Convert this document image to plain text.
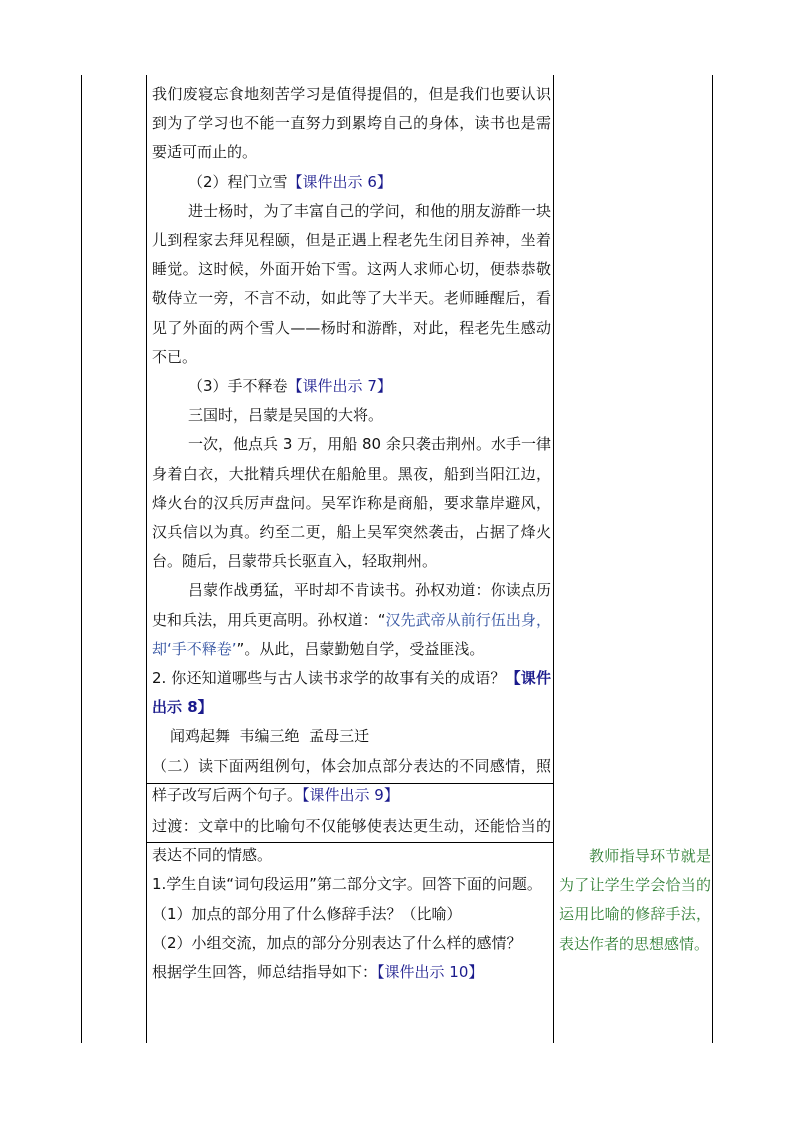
我们废寝忘食地刻苦学习是值得提倡的，但是我们也要认识到为了学习也不能一直努力到累垮自己的身体，读书也是需要适可而止的。

（2）程门立雪【课件出示 6】

进士杨时，为了丰富自己的学问，和他的朋友游酢一块儿到程家去拜见程颐，但是正遇上程老先生闭目养神，坐着睡觉。这时候，外面开始下雪。这两人求师心切，便恭恭敬敬侍立一旁，不言不动，如此等了大半天。老师睡醒后，看见了外面的两个雪人——杨时和游酢，对此，程老先生感动不已。

（3）手不释卷【课件出示 7】

三国时，吕蒙是吴国的大将。

一次，他点兵 3 万，用船 80 余只袭击荆州。水手一律身着白衣，大批精兵埋伏在船舱里。黑夜，船到当阳江边，烽火台的汉兵厉声盘问。吴军诈称是商船，要求靠岸避风，汉兵信以为真。约至二更，船上吴军突然袭击，占据了烽火台。随后，吕蒙带兵长驱直入，轻取荆州。

吕蒙作战勇猛，平时却不肯读书。孙权劝道：你读点历史和兵法，用兵更高明。孙权道：“汉先武帝从前行伍出身，却‘手不释卷’”。从此，吕蒙勤勉自学，受益匪浅。

2. 你还知道哪些与古人读书求学的故事有关的成语？【课件出示 8】

闻鸡起舞  韦编三绝  孟母三迁

（二）读下面两组例句，体会加点部分表达的不同感情，照样子改写后两个句子。【课件出示 9】

过渡：文章中的比喻句不仅能够使表达更生动，还能恰当的表达不同的情感。

1.学生自读“词句段运用”第二部分文字。回答下面的问题。

（1）加点的部分用了什么修辞手法？（比喻）

（2）小组交流，加点的部分分别表达了什么样的感情？

根据学生回答，师总结指导如下：【课件出示 10】

教师指导环节就是为了让学生学会恰当的运用比喻的修辞手法，表达作者的思想感情。
